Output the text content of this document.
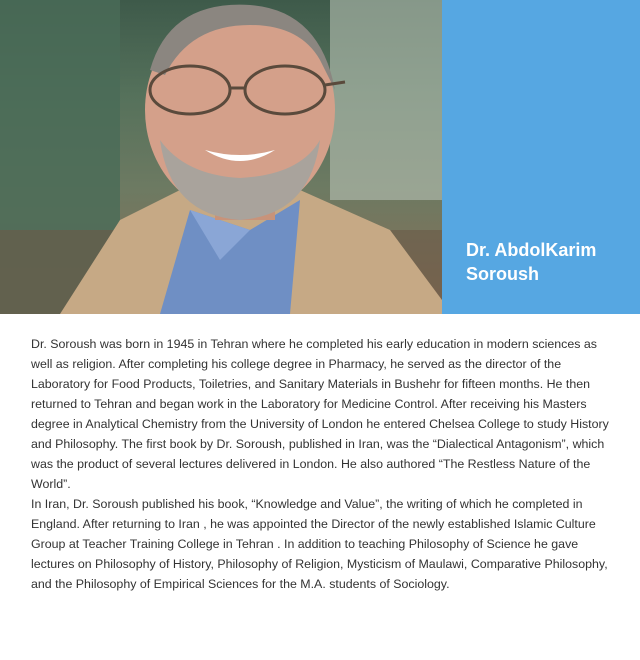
Dr. AbdolKarim
Soroush

Dr. Soroush was born in 1945 in Tehran where he completed his early education in modern sciences as well as religion. After completing his college degree in Pharmacy, he served as the director of the Laboratory for Food Products, Toiletries, and Sanitary Materials in Bushehr for fifteen months. He then returned to Tehran and began work in the Laboratory for Medicine Control. After receiving his Masters degree in Analytical Chemistry from the University of London he entered Chelsea College to study History and Philosophy. The first book by Dr. Soroush, published in Iran, was the “Dialectical Antagonism”, which was the product of several lectures delivered in London. He also authored “The Restless Nature of the World”.

In Iran, Dr. Soroush published his book, “Knowledge and Value”, the writing of which he completed in England. After returning to Iran , he was appointed the Director of the newly established Islamic Culture Group at Teacher Training College in Tehran . In addition to teaching Philosophy of Science he gave lectures on Philosophy of History, Philosophy of Religion, Mysticism of Maulawi, Comparative Philosophy, and the Philosophy of Empirical Sciences for the M.A. students of Sociology.
